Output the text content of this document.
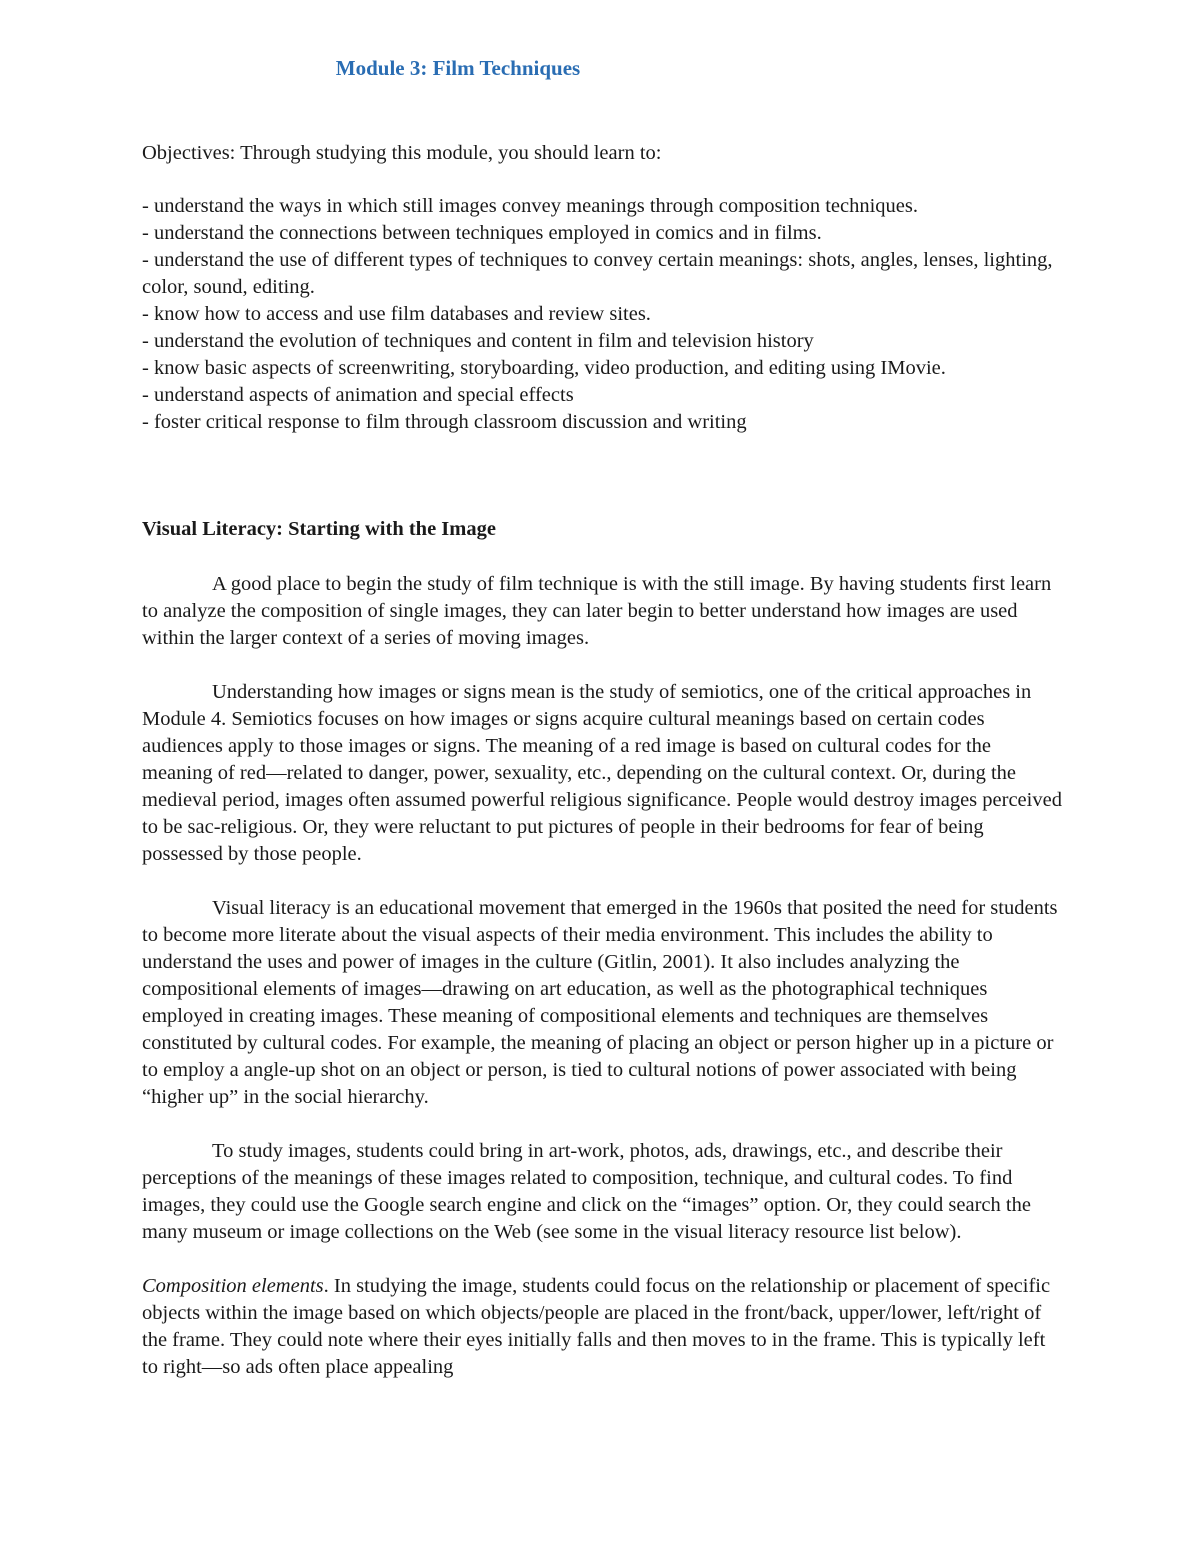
Module 3: Film Techniques

Objectives: Through studying this module, you should learn to:

- understand the ways in which still images convey meanings through composition techniques.
- understand the connections between techniques employed in comics and in films.
- understand the use of different types of techniques to convey certain meanings: shots, angles, lenses, lighting, color, sound, editing.
- know how to access and use film databases and review sites.
- understand the evolution of techniques and content in film and television history
- know basic aspects of screenwriting, storyboarding, video production, and editing using IMovie.
- understand aspects of animation and special effects
- foster critical response to film through classroom discussion and writing
Visual Literacy: Starting with the Image

A good place to begin the study of film technique is with the still image. By having students first learn to analyze the composition of single images, they can later begin to better understand how images are used within the larger context of a series of moving images.

Understanding how images or signs mean is the study of semiotics, one of the critical approaches in Module 4. Semiotics focuses on how images or signs acquire cultural meanings based on certain codes audiences apply to those images or signs. The meaning of a red image is based on cultural codes for the meaning of red—related to danger, power, sexuality, etc., depending on the cultural context. Or, during the medieval period, images often assumed powerful religious significance. People would destroy images perceived to be sac-religious. Or, they were reluctant to put pictures of people in their bedrooms for fear of being possessed by those people.

Visual literacy is an educational movement that emerged in the 1960s that posited the need for students to become more literate about the visual aspects of their media environment. This includes the ability to understand the uses and power of images in the culture (Gitlin, 2001). It also includes analyzing the compositional elements of images—drawing on art education, as well as the photographical techniques employed in creating images. These meaning of compositional elements and techniques are themselves constituted by cultural codes. For example, the meaning of placing an object or person higher up in a picture or to employ a angle-up shot on an object or person, is tied to cultural notions of power associated with being “higher up” in the social hierarchy.

To study images, students could bring in art-work, photos, ads, drawings, etc., and describe their perceptions of the meanings of these images related to composition, technique, and cultural codes. To find images, they could use the Google search engine and click on the “images” option. Or, they could search the many museum or image collections on the Web (see some in the visual literacy resource list below).

Composition elements. In studying the image, students could focus on the relationship or placement of specific objects within the image based on which objects/people are placed in the front/back, upper/lower, left/right of the frame. They could note where their eyes initially falls and then moves to in the frame. This is typically left to right—so ads often place appealing
